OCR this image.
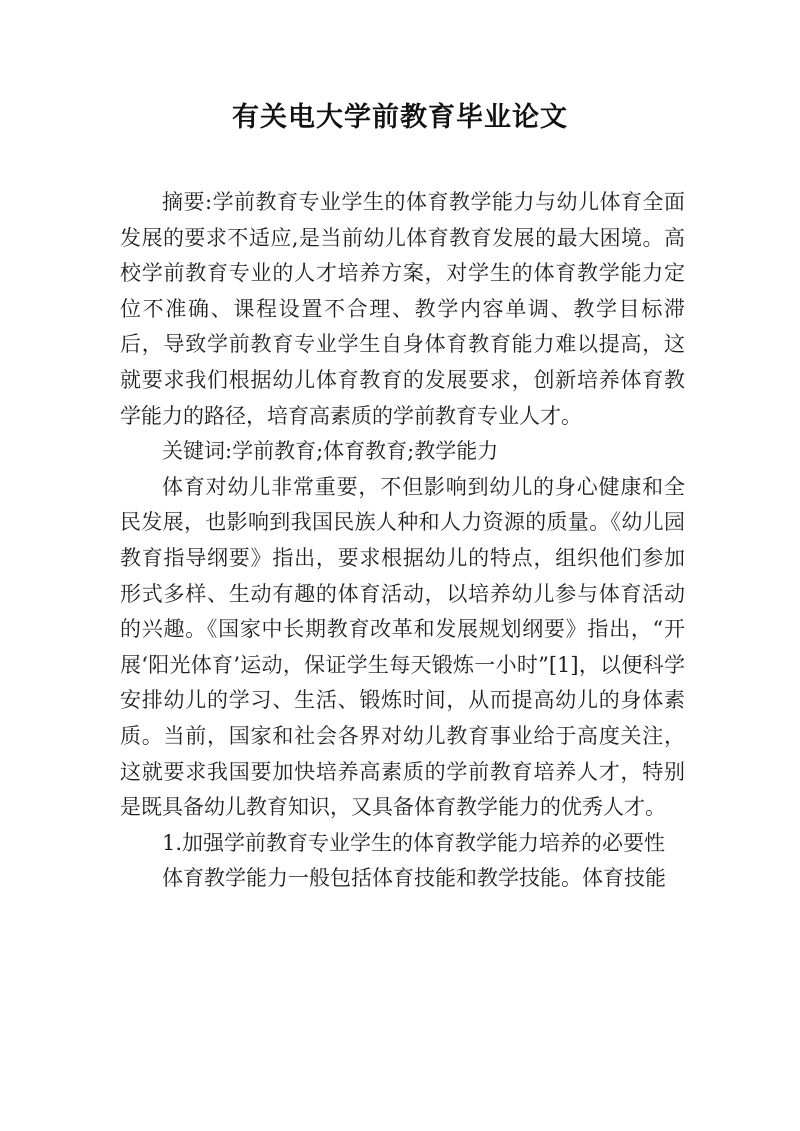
有关电大学前教育毕业论文

摘要:学前教育专业学生的体育教学能力与幼儿体育全面发展的要求不适应,是当前幼儿体育教育发展的最大困境。高校学前教育专业的人才培养方案，对学生的体育教学能力定位不准确、课程设置不合理、教学内容单调、教学目标滞后，导致学前教育专业学生自身体育教育能力难以提高，这就要求我们根据幼儿体育教育的发展要求，创新培养体育教学能力的路径，培育高素质的学前教育专业人才。

关键词:学前教育;体育教育;教学能力

体育对幼儿非常重要，不但影响到幼儿的身心健康和全民发展，也影响到我国民族人种和人力资源的质量。《幼儿园教育指导纲要》指出，要求根据幼儿的特点，组织他们参加形式多样、生动有趣的体育活动，以培养幼儿参与体育活动的兴趣。《国家中长期教育改革和发展规划纲要》指出，“开展‘阳光体育’运动，保证学生每天锻炼一小时”[1]，以便科学安排幼儿的学习、生活、锻炼时间，从而提高幼儿的身体素质。当前，国家和社会各界对幼儿教育事业给于高度关注，这就要求我国要加快培养高素质的学前教育培养人才，特别是既具备幼儿教育知识，又具备体育教学能力的优秀人才。

1.加强学前教育专业学生的体育教学能力培养的必要性

体育教学能力一般包括体育技能和教学技能。体育技能
